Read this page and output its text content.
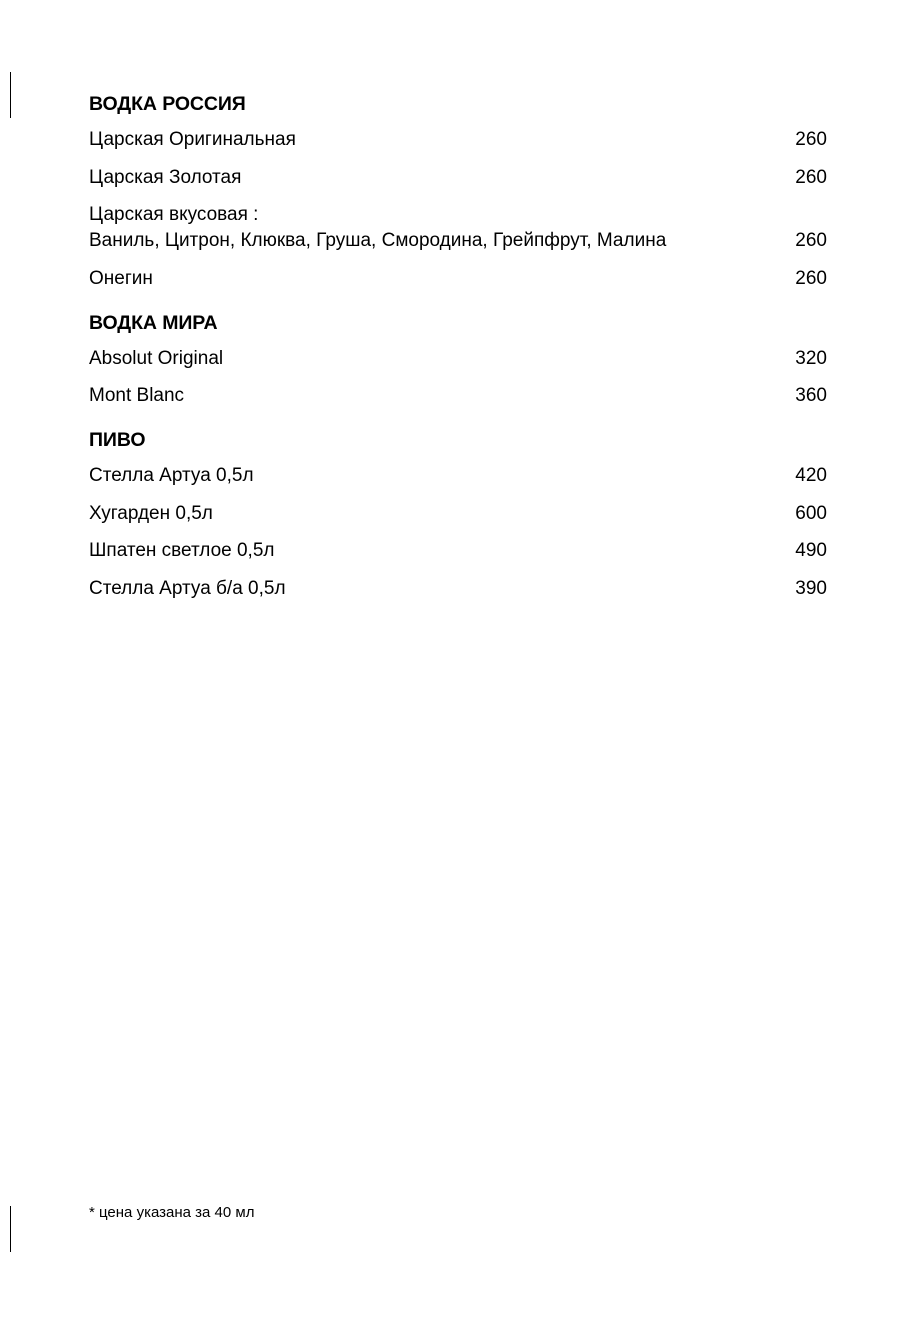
ВОДКА РОССИЯ
Царская Оригинальная	260
Царская Золотая	260
Царская вкусовая :
Ваниль, Цитрон, Клюква, Груша, Смородина, Грейпфрут, Малина	260
Онегин	260
ВОДКА МИРА
Absolut Original	320
Mont Blanc	360
ПИВО
Стелла Артуа 0,5л	420
Хугарден 0,5л	600
Шпатен светлое 0,5л	490
Стелла Артуа б/а 0,5л	390
* цена указана за 40 мл
